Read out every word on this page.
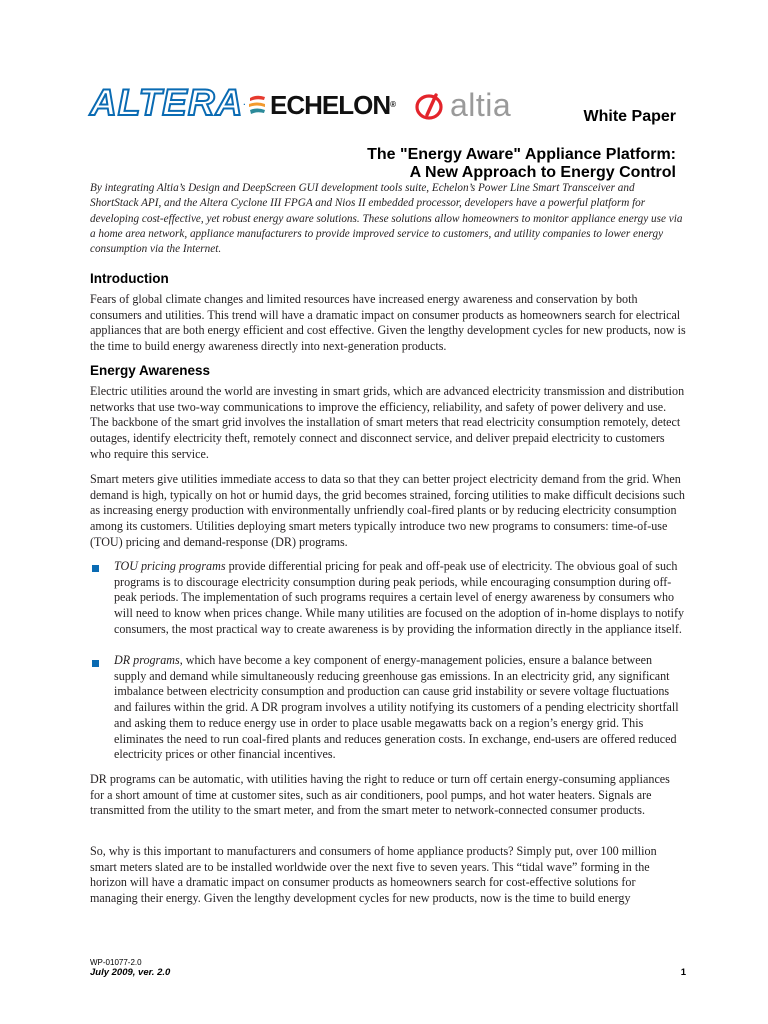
ALTERA. ECHELON® altia	White Paper
The "Energy Aware" Appliance Platform:
A New Approach to Energy Control
By integrating Altia’s Design and DeepScreen GUI development tools suite, Echelon’s Power Line Smart Transceiver and ShortStack API, and the Altera Cyclone III FPGA and Nios II embedded processor, developers have a powerful platform for developing cost-effective, yet robust energy aware solutions. These solutions allow homeowners to monitor appliance energy use via a home area network, appliance manufacturers to provide improved service to customers, and utility companies to lower energy consumption via the Internet.
Introduction
Fears of global climate changes and limited resources have increased energy awareness and conservation by both consumers and utilities. This trend will have a dramatic impact on consumer products as homeowners search for electrical appliances that are both energy efficient and cost effective. Given the lengthy development cycles for new products, now is the time to build energy awareness directly into next-generation products.
Energy Awareness
Electric utilities around the world are investing in smart grids, which are advanced electricity transmission and distribution networks that use two-way communications to improve the efficiency, reliability, and safety of power delivery and use. The backbone of the smart grid involves the installation of smart meters that read electricity consumption remotely, detect outages, identify electricity theft, remotely connect and disconnect service, and deliver prepaid electricity to customers who require this service.
Smart meters give utilities immediate access to data so that they can better project electricity demand from the grid. When demand is high, typically on hot or humid days, the grid becomes strained, forcing utilities to make difficult decisions such as increasing energy production with environmentally unfriendly coal-fired plants or by reducing electricity consumption among its customers. Utilities deploying smart meters typically introduce two new programs to consumers: time-of-use (TOU) pricing and demand-response (DR) programs.
TOU pricing programs provide differential pricing for peak and off-peak use of electricity. The obvious goal of such programs is to discourage electricity consumption during peak periods, while encouraging consumption during off-peak periods. The implementation of such programs requires a certain level of energy awareness by consumers who will need to know when prices change. While many utilities are focused on the adoption of in-home displays to notify consumers, the most practical way to create awareness is by providing the information directly in the appliance itself.
DR programs, which have become a key component of energy-management policies, ensure a balance between supply and demand while simultaneously reducing greenhouse gas emissions. In an electricity grid, any significant imbalance between electricity consumption and production can cause grid instability or severe voltage fluctuations and failures within the grid. A DR program involves a utility notifying its customers of a pending electricity shortfall and asking them to reduce energy use in order to place usable megawatts back on a region’s energy grid. This eliminates the need to run coal-fired plants and reduces generation costs. In exchange, end-users are offered reduced electricity prices or other financial incentives.
DR programs can be automatic, with utilities having the right to reduce or turn off certain energy-consuming appliances for a short amount of time at customer sites, such as air conditioners, pool pumps, and hot water heaters. Signals are transmitted from the utility to the smart meter, and from the smart meter to network-connected consumer products.
So, why is this important to manufacturers and consumers of home appliance products? Simply put, over 100 million smart meters slated are to be installed worldwide over the next five to seven years. This “tidal wave” forming in the horizon will have a dramatic impact on consumer products as homeowners search for cost-effective solutions for managing their energy. Given the lengthy development cycles for new products, now is the time to build energy
WP-01077-2.0
July 2009, ver. 2.0	1
